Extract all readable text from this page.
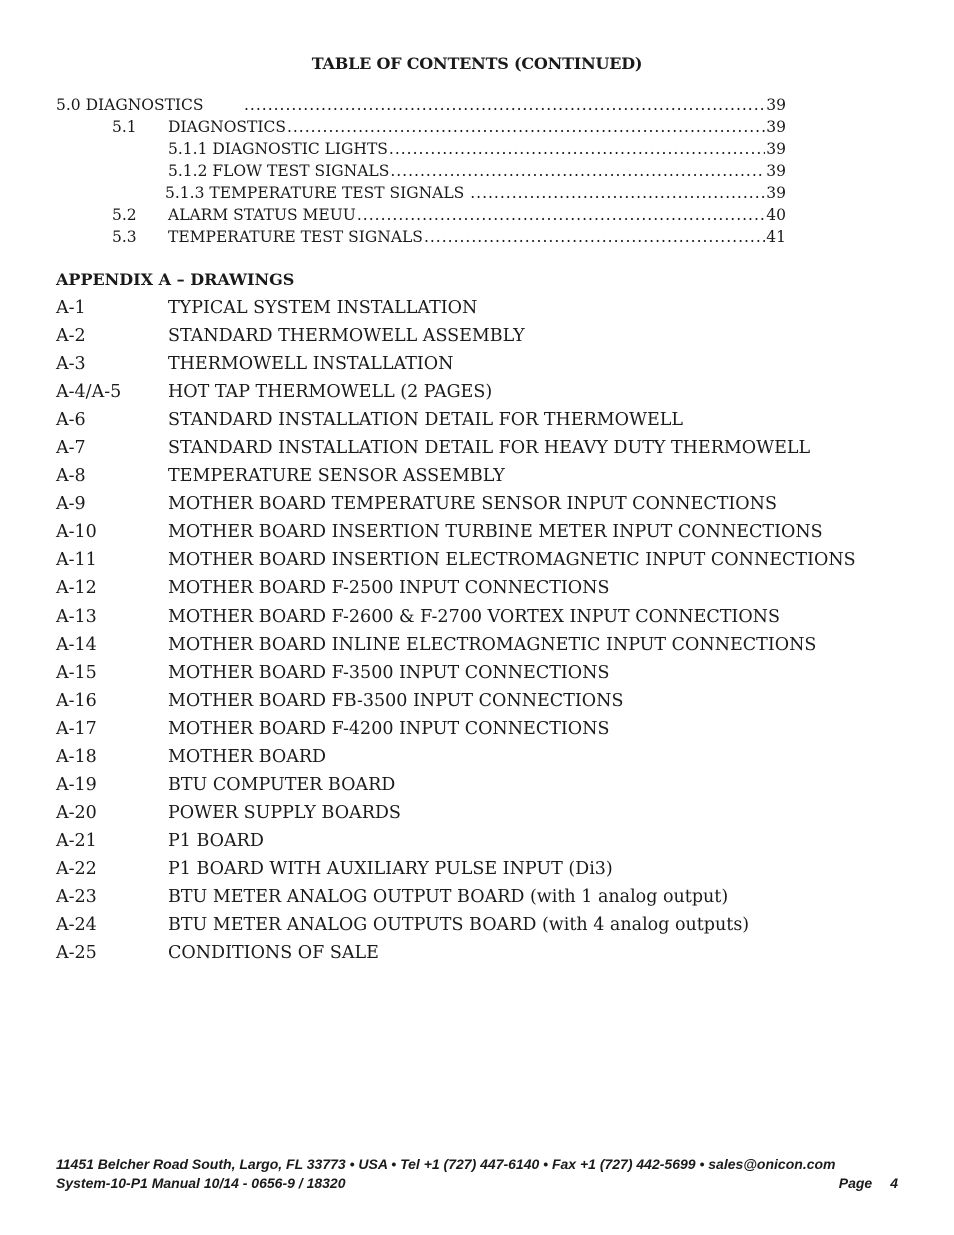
TABLE OF CONTENTS (CONTINUED)
5.0 DIAGNOSTICS .....	39
5.1	DIAGNOSTICS .....	39
5.1.1 DIAGNOSTIC LIGHTS .....	39
5.1.2 FLOW TEST SIGNALS .....	39
5.1.3 TEMPERATURE TEST SIGNALS .....	39
5.2	ALARM STATUS MEUU .....	40
5.3	TEMPERATURE TEST SIGNALS .....	41
APPENDIX A – DRAWINGS
A-1	TYPICAL SYSTEM INSTALLATION
A-2	STANDARD THERMOWELL ASSEMBLY
A-3	THERMOWELL INSTALLATION
A-4/A-5	HOT TAP THERMOWELL (2 PAGES)
A-6	STANDARD INSTALLATION DETAIL FOR THERMOWELL
A-7	STANDARD INSTALLATION DETAIL FOR HEAVY DUTY THERMOWELL
A-8	TEMPERATURE SENSOR ASSEMBLY
A-9	MOTHER BOARD TEMPERATURE SENSOR INPUT CONNECTIONS
A-10	MOTHER BOARD INSERTION TURBINE METER INPUT CONNECTIONS
A-11	MOTHER BOARD INSERTION ELECTROMAGNETIC INPUT CONNECTIONS
A-12	MOTHER BOARD F-2500 INPUT CONNECTIONS
A-13	MOTHER BOARD F-2600 & F-2700 VORTEX INPUT CONNECTIONS
A-14	MOTHER BOARD INLINE ELECTROMAGNETIC INPUT CONNECTIONS
A-15	MOTHER BOARD F-3500 INPUT CONNECTIONS
A-16	MOTHER BOARD FB-3500 INPUT CONNECTIONS
A-17	MOTHER BOARD F-4200 INPUT CONNECTIONS
A-18	MOTHER BOARD
A-19	BTU COMPUTER BOARD
A-20	POWER SUPPLY BOARDS
A-21	P1 BOARD
A-22	P1 BOARD WITH AUXILIARY PULSE INPUT (Di3)
A-23	BTU METER ANALOG OUTPUT BOARD (with 1 analog output)
A-24	BTU METER ANALOG OUTPUTS BOARD (with 4 analog outputs)
A-25	CONDITIONS OF SALE
11451 Belcher Road South, Largo, FL 33773 • USA • Tel +1 (727) 447-6140 • Fax +1 (727) 442-5699 • sales@onicon.com
System-10-P1 Manual 10/14 - 0656-9 / 18320	Page 4
